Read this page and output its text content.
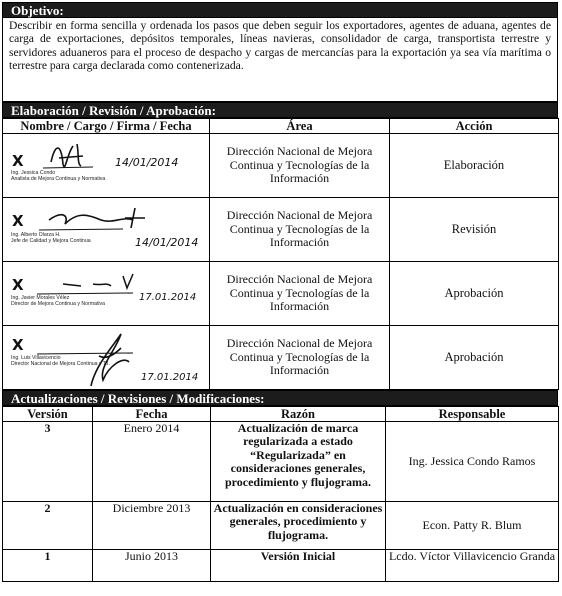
Objetivo:
Describir en forma sencilla y ordenada los pasos que deben seguir los exportadores, agentes de aduana, agentes de carga de exportaciones, depósitos temporales, líneas navieras, consolidador de carga, transportista terrestre y servidores aduaneros para el proceso de despacho y cargas de mercancías para la exportación ya sea vía marítima o terrestre para carga declarada como contenerizada.
Elaboración / Revisión / Aprobación:
Nombre / Cargo / Firma / Fecha	Área	Acción

X 14/01/2014
Ing. Jessica Condo
Analista de Mejora Continua y Normativa	Dirección Nacional de Mejora Continua y Tecnologías de la Información	Elaboración

X
Ing. Alberto Olarza H.
Jefe de Calidad y Mejora Continua 14/01/2014	Dirección Nacional de Mejora Continua y Tecnologías de la Información	Revisión

X
Ing. Javier Morales Vélez
Director de Mejora Continua y Normativa
17.01.2014	Dirección Nacional de Mejora Continua y Tecnologías de la Información	Aprobación

X
Ing. Luis Villavicencio
Director Nacional de Mejora Continua y T.I.
17.01.2014	Dirección Nacional de Mejora Continua y Tecnologías de la Información	Aprobación
Actualizaciones / Revisiones / Modificaciones:
Versión	Fecha	Razón	Responsable
3	Enero 2014	Actualización de marca regularizada a estado “Regularizada” en consideraciones generales, procedimiento y flujograma.	Ing. Jessica Condo Ramos
2	Diciembre 2013	Actualización en consideraciones generales, procedimiento y flujograma.	Econ. Patty R. Blum
1	Junio 2013	Versión Inicial	Lcdo. Víctor Villavicencio Granda
